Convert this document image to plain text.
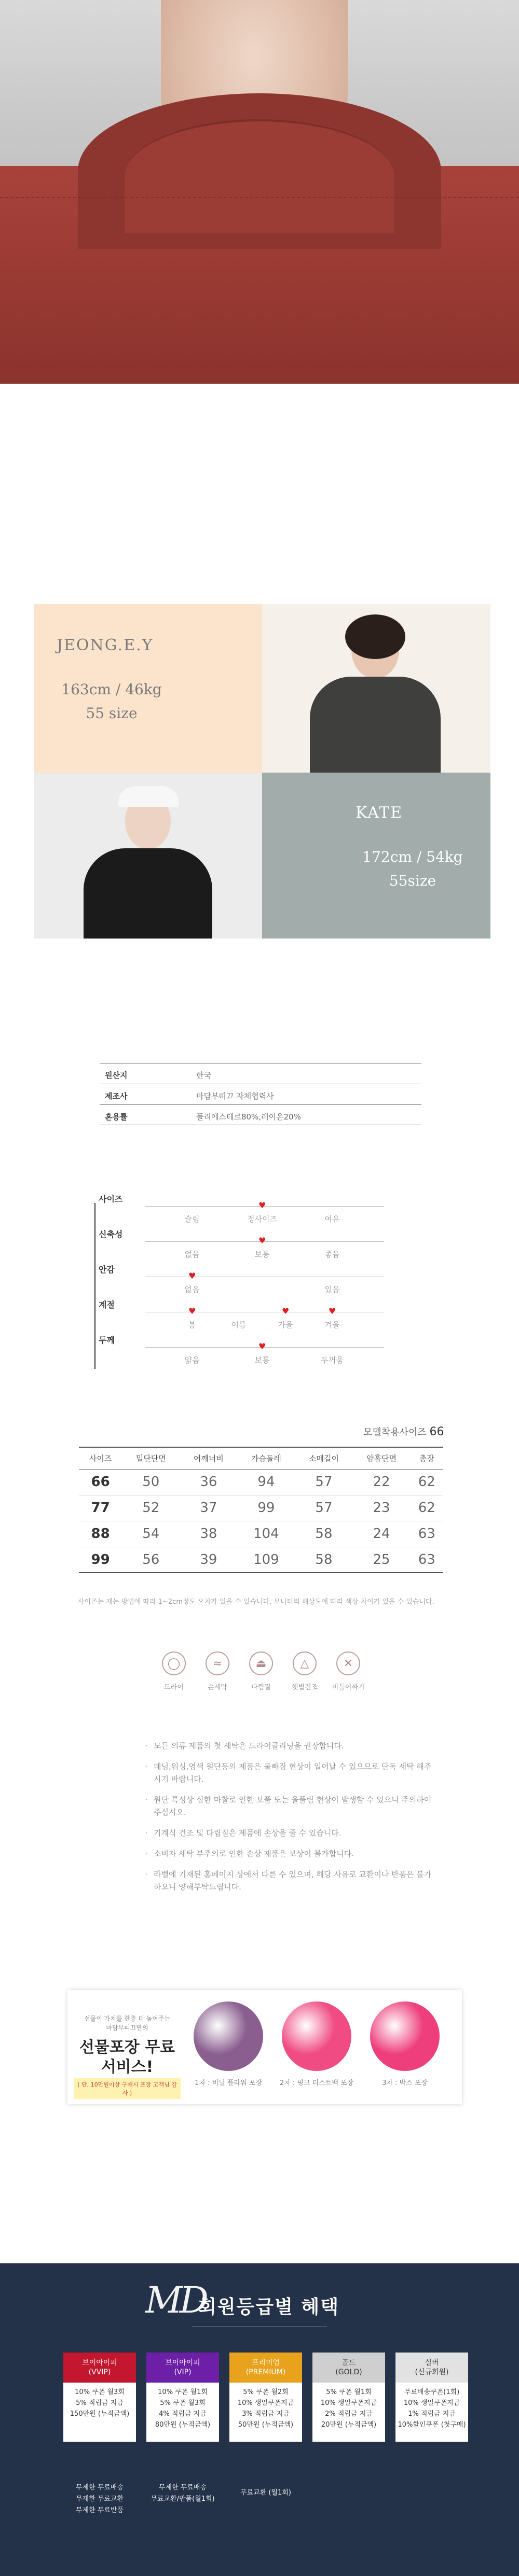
JEONG.E.Y
163cm / 46kg
55 size
KATE
172cm / 54kg
55size
원산지	한국
제조사	마담부띠끄 자체협력사
혼용률	폴리에스테르80%,레이온20%
사이즈
슬림	정사이즈
♥
여유
신축성
없음	보통
♥
좋음
안감
없음
♥
있음
계절
봄
♥
여름	가을
♥
겨울
♥
두께
얇음	보통
♥
두꺼움
모델착용사이즈 66
사이즈	밑단단면	어깨너비	가슴둘레	소매길이	암홀단면	총장
66	50	36	94	57	22	62
77	52	37	99	57	23	62
88	54	38	104	58	24	63
99	56	39	109	58	25	63
사이즈는 재는 방법에 따라 1~2cm정도 오차가 있을 수 있습니다. 모니터의 해상도에 따라 색상 차이가 있을 수 있습니다.
◯
드라이
≈
손세탁
⏏
다림질
△
햇볕건조
✕
비틀어짜기
· 모든 의류 제품의 첫 세탁은 드라이클리닝을 권장합니다.
· 데님,워싱,염색 원단등의 제품은 물빠짐 현상이 일어날 수 있으므로 단독 세탁 해주시기 바랍니다.
· 원단 특성상 심한 마찰로 인한 보풀 또는 올풀림 현상이 발생할 수 있으니 주의하여 주십시오.
· 기계식 건조 및 다림질은 제품에 손상을 줄 수 있습니다.
· 소비자 세탁 부주의로 인한 손상 제품은 보상이 불가합니다.
· 라벨에 기재된 홈페이지 상에서 다른 수 있으며, 해당 사유로 교환이나 반품은 불가하오니 양해부탁드립니다.
선물이 가치를 한층 더 높여주는 마담부띠끄만의
선물포장 무료서비스!
( 단, 10만원이상 구매시 포장 고객님 감사 )
1차 : 비닐 플라워 포장	2차 : 핑크 더스트백 포장	3차 : 박스 포장
MD
회원등급별 혜택
브이아이피
(VVIP)
10% 쿠폰 월3회
5% 적립금 지급
150만원 (누적금액)
브이아이피
(VIP)
10% 쿠폰 월1회
5% 쿠폰 월3회
4% 적립금 지급
80만원 (누적금액)
프리미엄
(PREMIUM)
5% 쿠폰 월2회
10% 생일쿠폰지급
3% 적립금 지급
50만원 (누적금액)
골드
(GOLD)
5% 쿠폰 월1회
10% 생일쿠폰지급
2% 적립금 지급
20만원 (누적금액)
실버
(신규회원)
무료배송쿠폰(1회)
10% 생일쿠폰지급
1% 적립금 지급
10%할인쿠폰 (첫구매)
무제한 무료배송
무제한 무료교환
무제한 무료반품
무제한 무료배송
무료교환/반품(월1회)
무료교환 (월1회)
